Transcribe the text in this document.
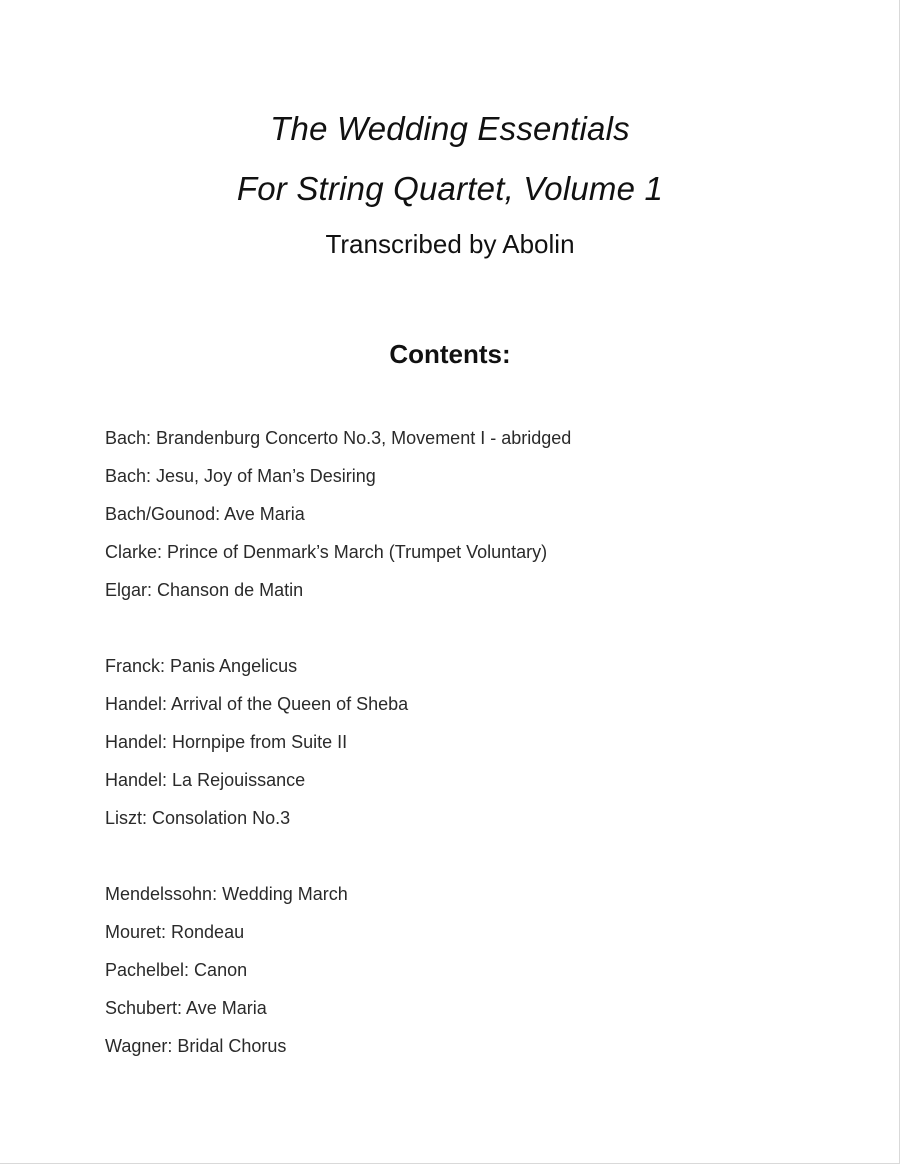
The Wedding Essentials
For String Quartet, Volume 1

Transcribed by Abolin

Contents:
Bach: Brandenburg Concerto No.3, Movement I - abridged
Bach: Jesu, Joy of Man’s Desiring
Bach/Gounod: Ave Maria
Clarke: Prince of Denmark’s March (Trumpet Voluntary)
Elgar: Chanson de Matin
Franck: Panis Angelicus
Handel: Arrival of the Queen of Sheba
Handel: Hornpipe from Suite II
Handel: La Rejouissance
Liszt: Consolation No.3
Mendelssohn: Wedding March
Mouret: Rondeau
Pachelbel: Canon
Schubert: Ave Maria
Wagner: Bridal Chorus
